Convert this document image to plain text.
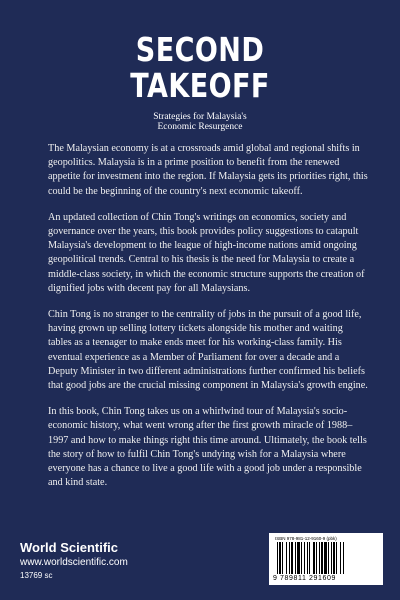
SECOND
TAKEOFF
Strategies for Malaysia's
Economic Resurgence

The Malaysian economy is at a crossroads amid global and regional shifts in geopolitics. Malaysia is in a prime position to benefit from the renewed appetite for investment into the region. If Malaysia gets its priorities right, this could be the beginning of the country's next economic takeoff.

An updated collection of Chin Tong's writings on economics, society and governance over the years, this book provides policy suggestions to catapult Malaysia's development to the league of high-income nations amid ongoing geopolitical trends. Central to his thesis is the need for Malaysia to create a middle-class society, in which the economic structure supports the creation of dignified jobs with decent pay for all Malaysians.

Chin Tong is no stranger to the centrality of jobs in the pursuit of a good life, having grown up selling lottery tickets alongside his mother and waiting tables as a teenager to make ends meet for his working-class family. His eventual experience as a Member of Parliament for over a decade and a Deputy Minister in two different administrations further confirmed his beliefs that good jobs are the crucial missing component in Malaysia's growth engine.

In this book, Chin Tong takes us on a whirlwind tour of Malaysia's socio-economic history, what went wrong after the first growth miracle of 1988–1997 and how to make things right this time around. Ultimately, the book tells the story of how to fulfil Chin Tong's undying wish for a Malaysia where everyone has a chance to live a good life with a good job under a responsible and kind state.

World Scientific
www.worldscientific.com
13769 sc
ISBN 978-981-12-9160-9 (pbk)
9 789811 291609
